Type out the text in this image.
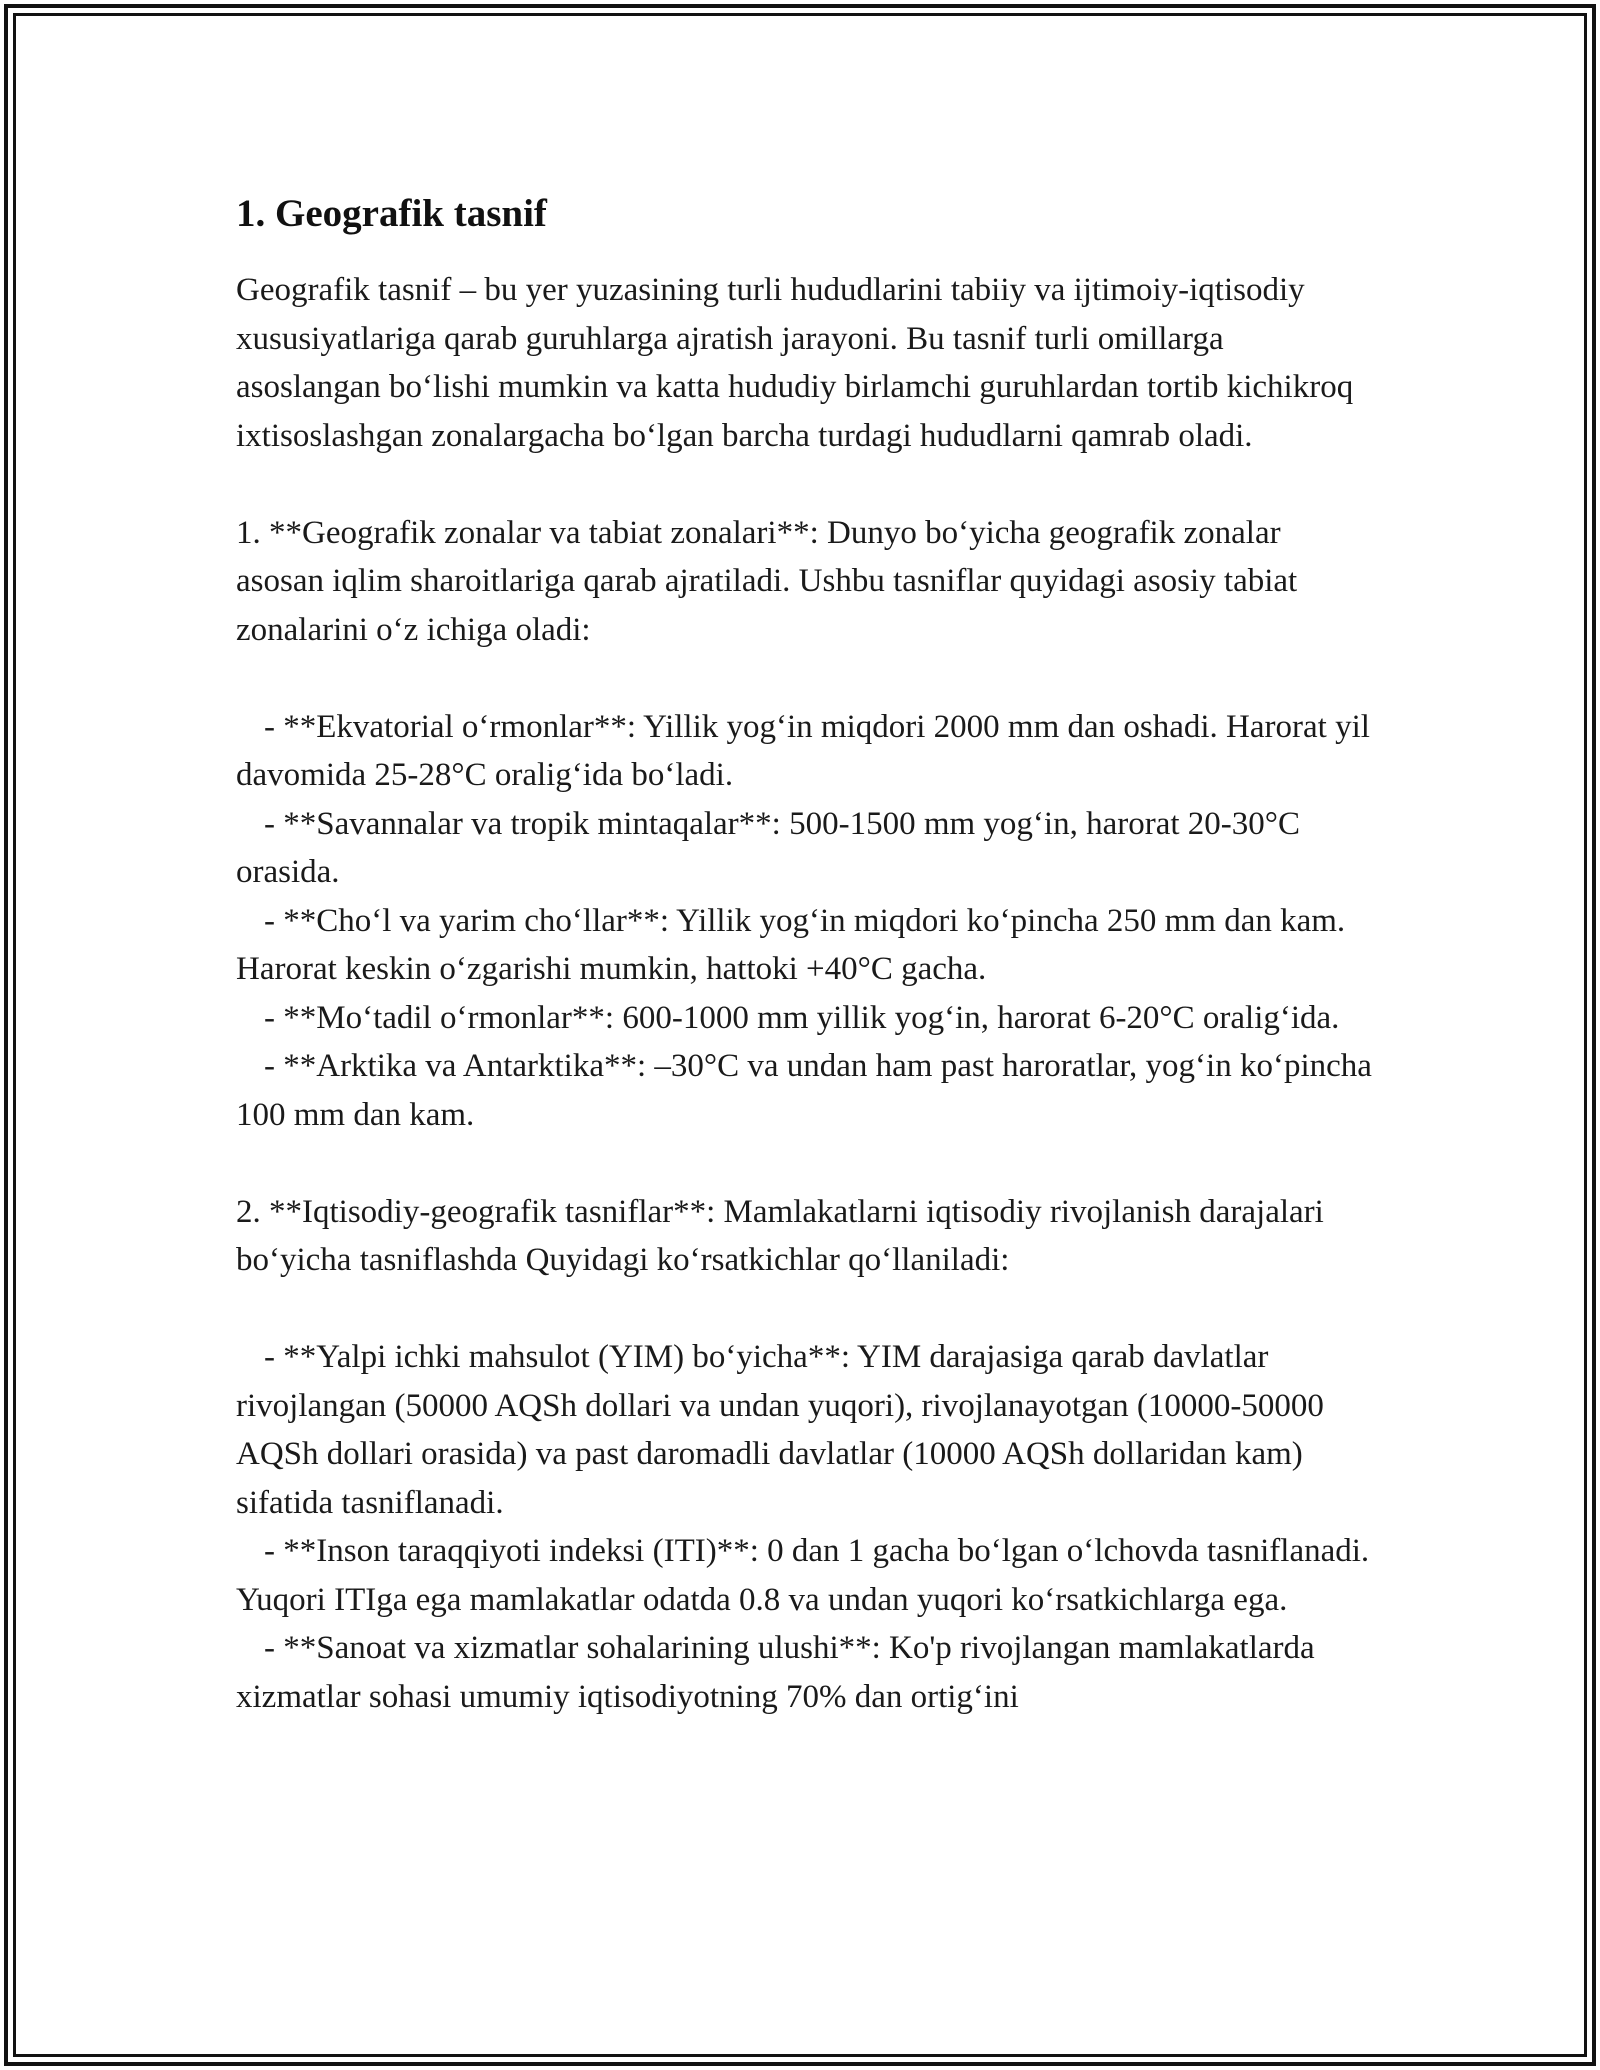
1. Geografik tasnif

Geografik tasnif – bu yer yuzasining turli hududlarini tabiiy va ijtimoiy-iqtisodiy xususiyatlariga qarab guruhlarga ajratish jarayoni. Bu tasnif turli omillarga asoslangan bo‘lishi mumkin va katta hududiy birlamchi guruhlardan tortib kichikroq ixtisoslashgan zonalargacha bo‘lgan barcha turdagi hududlarni qamrab oladi.

1. **Geografik zonalar va tabiat zonalari**: Dunyo bo‘yicha geografik zonalar asosan iqlim sharoitlariga qarab ajratiladi. Ushbu tasniflar quyidagi asosiy tabiat zonalarini o‘z ichiga oladi:

- **Ekvatorial o‘rmonlar**: Yillik yog‘in miqdori 2000 mm dan oshadi. Harorat yil davomida 25-28°C oralig‘ida bo‘ladi.

- **Savannalar va tropik mintaqalar**: 500-1500 mm yog‘in, harorat 20-30°C orasida.

- **Cho‘l va yarim cho‘llar**: Yillik yog‘in miqdori ko‘pincha 250 mm dan kam. Harorat keskin o‘zgarishi mumkin, hattoki +40°C gacha.

- **Mo‘tadil o‘rmonlar**: 600-1000 mm yillik yog‘in, harorat 6-20°C oralig‘ida.

- **Arktika va Antarktika**: –30°C va undan ham past haroratlar, yog‘in ko‘pincha 100 mm dan kam.

2. **Iqtisodiy-geografik tasniflar**: Mamlakatlarni iqtisodiy rivojlanish darajalari bo‘yicha tasniflashda Quyidagi ko‘rsatkichlar qo‘llaniladi:

- **Yalpi ichki mahsulot (YIM) bo‘yicha**: YIM darajasiga qarab davlatlar rivojlangan (50000 AQSh dollari va undan yuqori), rivojlanayotgan (10000-50000 AQSh dollari orasida) va past daromadli davlatlar (10000 AQSh dollaridan kam) sifatida tasniflanadi.

- **Inson taraqqiyoti indeksi (ITI)**: 0 dan 1 gacha bo‘lgan o‘lchovda tasniflanadi. Yuqori ITIga ega mamlakatlar odatda 0.8 va undan yuqori ko‘rsatkichlarga ega.

- **Sanoat va xizmatlar sohalarining ulushi**: Ko'p rivojlangan mamlakatlarda xizmatlar sohasi umumiy iqtisodiyotning 70% dan ortig‘ini
